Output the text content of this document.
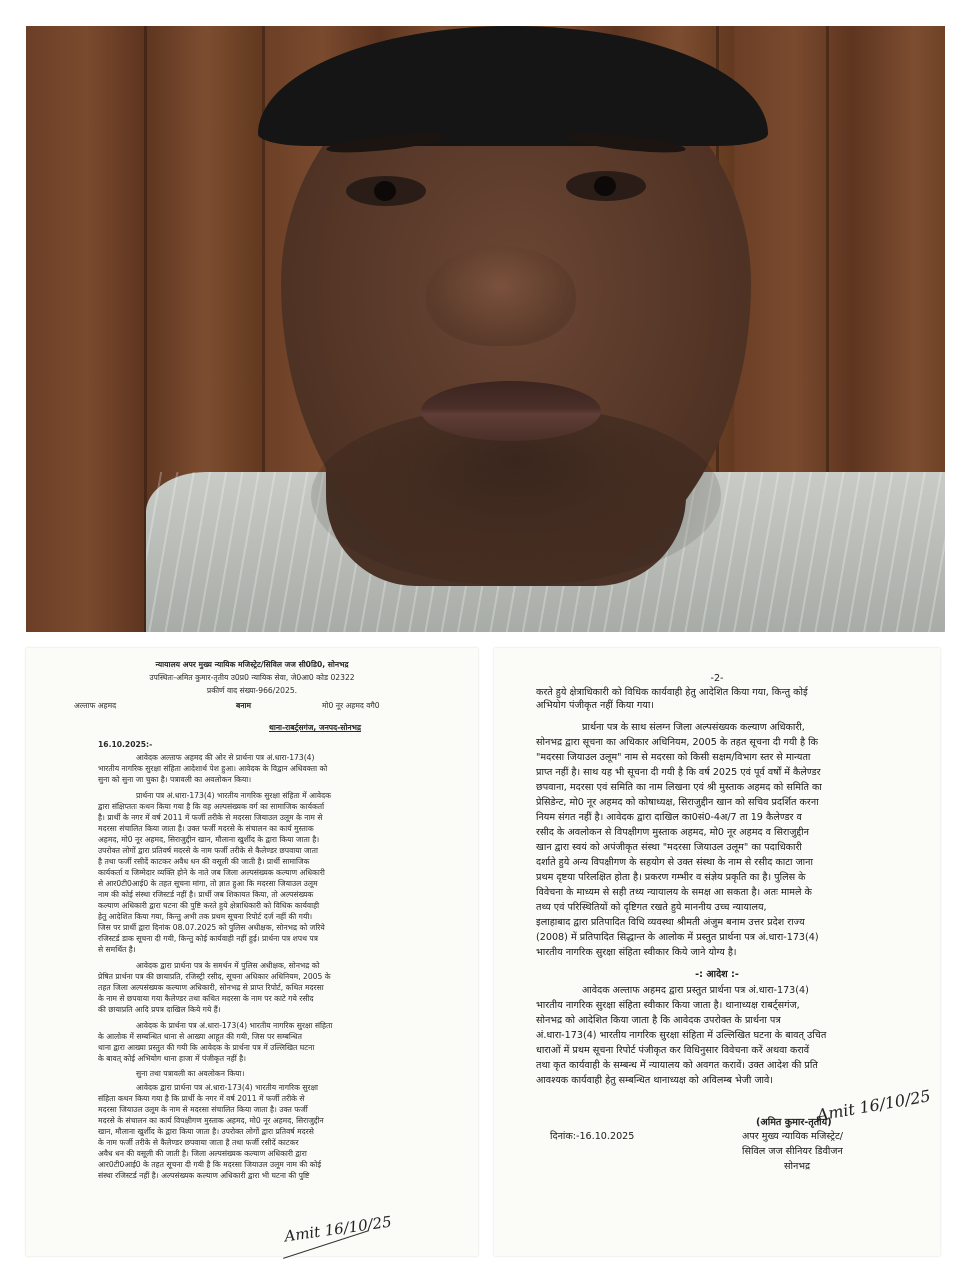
न्यायालय अपर मुख्य न्यायिक मजिस्ट्रेट/सिविल जज सी0डि0, सोनभद्र
उपस्थितः-अमित कुमार-तृतीय उ0प्र0 न्यायिक सेवा, जे0आ0 कोड 02322
प्रकीर्ण वाद संख्या-966/2025.
अल्ताफ अहमद	बनाम	मो0 नूर अहमद वगै0
थाना-राबर्ट्सगंज, जनपद-सोनभद्र
16.10.2025:-
आवेदक अल्ताफ अहमद की ओर से प्रार्थना पत्र अं.धारा-173(4)
भारतीय नागरिक सुरक्षा संहिता आदेशार्थ पेश हुआ। आवेदक के विद्वान अधिवक्ता को
सुना को सुना जा चुका है। पत्रावली का अवलोकन किया।
प्रार्थना पत्र अं.धारा-173(4) भारतीय नागरिक सुरक्षा संहिता में आवेदक
द्वारा संक्षिप्ततः कथन किया गया है कि वह अल्पसंख्यक वर्ग का सामाजिक कार्यकर्ता
है। प्रार्थी के नगर में वर्ष 2011 में फर्जी तरीके से मदरसा जियाउल उलूम के नाम से
मदरसा संचालित किया जाता है। उक्त फर्जी मदरसे के संचालन का कार्य मुस्ताक
अहमद, मो0 नूर अहमद, सिराजुद्दीन खान, मौलाना खुर्शीद के द्वारा किया जाता है।
उपरोक्त लोगों द्वारा प्रतिवर्ष मदरसे के नाम फर्जी तरीके से कैलेण्डर छपवाया जाता
है तथा फर्जी रसीदें काटकर अवैध धन की वसूली की जाती है। प्रार्थी सामाजिक
कार्यकर्ता व जिम्मेदार व्यक्ति होने के नाते जब जिला अल्पसंख्यक कल्याण अधिकारी
से आर0टी0आई0 के तहत सूचना मांगा, तो ज्ञात हुआ कि मदरसा जियाउल उलूम
नाम की कोई संस्था रजिस्टर्ड नहीं है। प्रार्थी जब शिकायत किया, तो अल्पसंख्यक
कल्याण अधिकारी द्वारा घटना की पुष्टि करते हुये क्षेत्राधिकारी को विधिक कार्यवाही
हेतु आदेशित किया गया, किन्तु अभी तक प्रथम सूचना रिपोर्ट दर्ज नहीं की गयी।
जिस पर प्रार्थी द्वारा दिनांक 08.07.2025 को पुलिस अधीक्षक, सोनभद्र को जरिये
रजिस्टर्ड डाक सूचना दी गयी, किन्तु कोई कार्यवाही नहीं हुई। प्रार्थना पत्र शपथ पत्र
से समर्थित है।
आवेदक द्वारा प्रार्थना पत्र के समर्थन में पुलिस अधीक्षक, सोनभद्र को
प्रेषित प्रार्थना पत्र की छायाप्रति, रजिस्ट्री रसीद, सूचना अधिकार अधिनियम, 2005 के
तहत जिला अल्पसंख्यक कल्याण अधिकारी, सोनभद्र से प्राप्त रिपोर्ट, कथित मदरसा
के नाम से छपवाया गया कैलेण्डर तथा कथित मदरसा के नाम पर काटे गये रसीद
की छायाप्रति आदि प्रपत्र दाखिल किये गये हैं।
आवेदक के प्रार्थना पत्र अं.धारा-173(4) भारतीय नागरिक सुरक्षा संहिता
के आलोक में सम्बन्धित थाना से आख्या आहूत की गयी, जिस पर सम्बन्धित
थाना द्वारा आख्या प्रस्तुत की गयी कि आवेदक के प्रार्थना पत्र में उल्लिखित घटना
के बावत् कोई अभियोग थाना हाजा में पंजीकृत नहीं है।
सुना तथा पत्रावली का अवलोकन किया।
आवेदक द्वारा प्रार्थना पत्र अं.धारा-173(4) भारतीय नागरिक सुरक्षा
संहिता कथन किया गया है कि प्रार्थी के नगर में वर्ष 2011 में फर्जी तरीके से
मदरसा जियाउल उलूम के नाम से मदरसा संचालित किया जाता है। उक्त फर्जी
मदरसे के संचालन का कार्य विपक्षीगण मुस्ताक अहमद, मो0 नूर अहमद, सिराजुद्दीन
खान, मौलाना खुर्शीद के द्वारा किया जाता है। उपरोक्त लोगों द्वारा प्रतिवर्ष मदरसे
के नाम फर्जी तरीके से कैलेण्डर छपवाया जाता है तथा फर्जी रसीदें काटकर
अवैध धन की वसूली की जाती है। जिला अल्पसंख्यक कल्याण अधिकारी द्वारा
आर0टी0आई0 के तहत सूचना दी गयी है कि मदरसा जियाउल उलूम नाम की कोई
संस्था रजिस्टर्ड नहीं है। अल्पसंख्यक कल्याण अधिकारी द्वारा भी घटना की पुष्टि
Amit 16/10/25
-2-
करते हुये क्षेत्राधिकारी को विधिक कार्यवाही हेतु आदेशित किया गया, किन्तु कोई
अभियोग पंजीकृत नहीं किया गया।
प्रार्थना पत्र के साथ संलग्न जिला अल्पसंख्यक कल्याण अधिकारी,
सोनभद्र द्वारा सूचना का अधिकार अधिनियम, 2005 के तहत सूचना दी गयी है कि
"मदरसा जियाउल उलूम" नाम से मदरसा को किसी सक्षम/विभाग स्तर से मान्यता
प्राप्त नहीं है। साथ यह भी सूचना दी गयी है कि वर्ष 2025 एवं पूर्व वर्षों में कैलेण्डर
छपवाना, मदरसा एवं समिति का नाम लिखना एवं श्री मुस्ताक अहमद को समिति का
प्रेसिडेन्ट, मो0 नूर अहमद को कोषाध्यक्ष, सिराजुद्दीन खान को सचिव प्रदर्शित करना
नियम संगत नहीं है। आवेदक द्वारा दाखिल का0सं0-4अ/7 ता 19 कैलेण्डर व
रसीद के अवलोकन से विपक्षीगण मुस्ताक अहमद, मो0 नूर अहमद व सिराजुद्दीन
खान द्वारा स्वयं को अपंजीकृत संस्था "मदरसा जियाउल उलूम" का पदाधिकारी
दर्शाते हुये अन्य विपक्षीगण के सहयोग से उक्त संस्था के नाम से रसीद काटा जाना
प्रथम दृष्टया परिलक्षित होता है। प्रकरण गम्भीर व संज्ञेय प्रकृति का है। पुलिस के
विवेचना के माध्यम से सही तथ्य न्यायालय के समक्ष आ सकता है। अतः मामले के
तथ्य एवं परिस्थितियों को दृष्टिगत रखते हुये माननीय उच्च न्यायालय,
इलाहाबाद द्वारा प्रतिपादित विधि व्यवस्था श्रीमती अंजुम बनाम उत्तर प्रदेश राज्य
(2008) में प्रतिपादित सिद्धान्त के आलोक में प्रस्तुत प्रार्थना पत्र अं.धारा-173(4)
भारतीय नागरिक सुरक्षा संहिता स्वीकार किये जाने योग्य है।
-: आदेश :-
आवेदक अल्ताफ अहमद द्वारा प्रस्तुत प्रार्थना पत्र अं.धारा-173(4)
भारतीय नागरिक सुरक्षा संहिता स्वीकार किया जाता है। थानाध्यक्ष राबर्ट्सगंज,
सोनभद्र को आदेशित किया जाता है कि आवेदक उपरोक्त के प्रार्थना पत्र
अं.धारा-173(4) भारतीय नागरिक सुरक्षा संहिता में उल्लिखित घटना के बावत् उचित
धाराओं में प्रथम सूचना रिपोर्ट पंजीकृत कर विधिनुसार विवेचना करें अथवा करावें
तथा कृत कार्यवाही के सम्बन्ध में न्यायालय को अवगत करावें। उक्त आदेश की प्रति
आवश्यक कार्यवाही हेतु सम्बन्धित थानाध्यक्ष को अविलम्ब भेजी जावे।
Amit 16/10/25
(अमित कुमार-तृतीय)
दिनांक:-16.10.2025	अपर मुख्य न्यायिक मजिस्ट्रेट/
सिविल जज सीनियर डिवीजन
सोनभद्र
